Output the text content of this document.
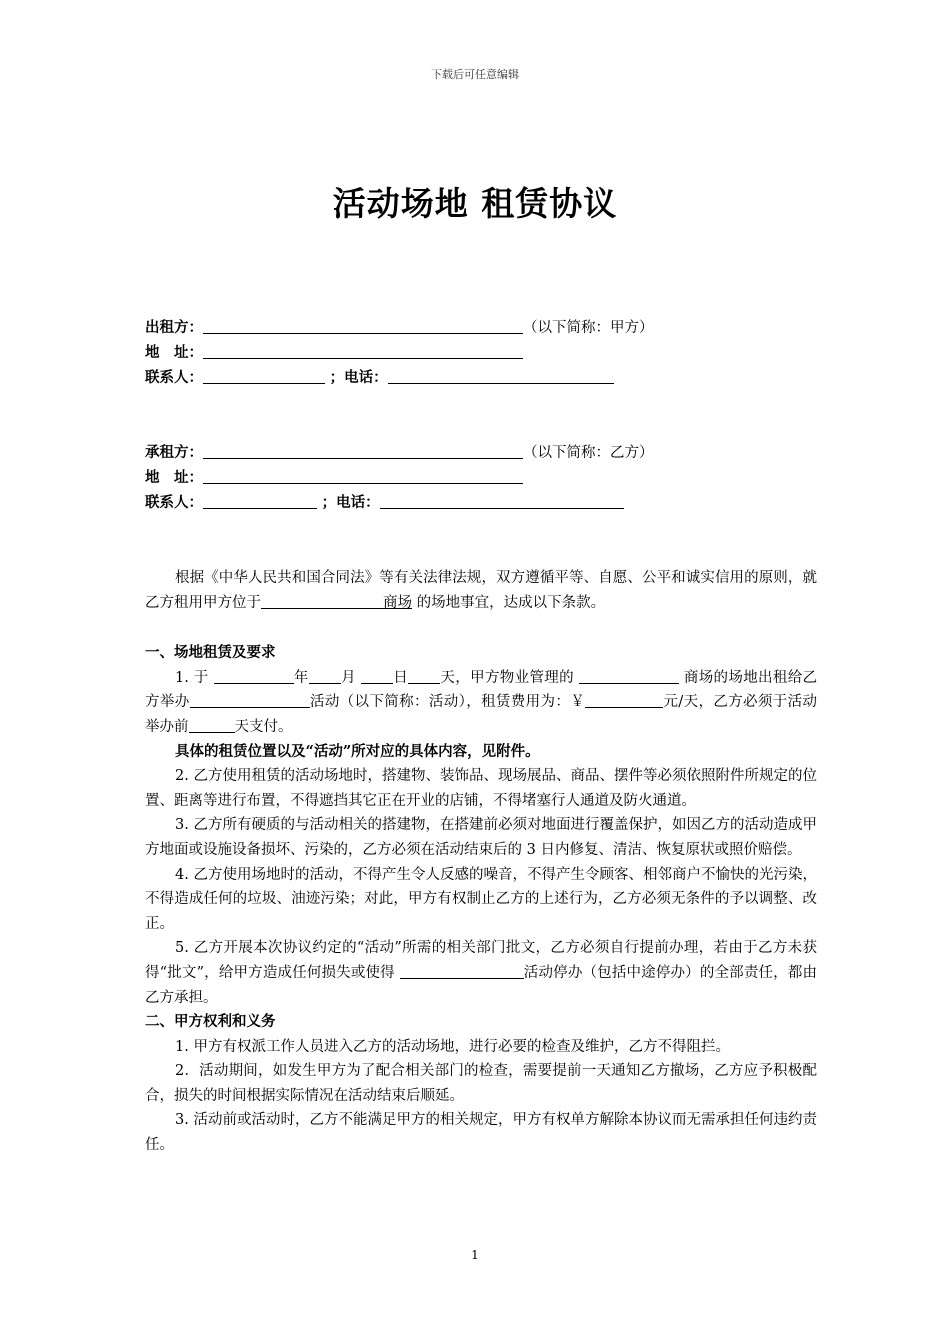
下载后可任意编辑
活动场地 租赁协议
出租方：	（以下简称：甲方）
地　址：
联系人：	；电话：
承租方：	（以下简称：乙方）
地　址：
联系人：	；电话：

根据《中华人民共和国合同法》等有关法律法规，双方遵循平等、自愿、公平和诚实信用的原则，就乙方租用甲方位于	商场 的场地事宜，达成以下条款。

一、场地租赁及要求

1. 于	年 月	日 天，甲方物业管理的	商场的场地出租给乙方举办	活动（以下简称：活动），租赁费用为：￥	元/天，乙方必须于活动举办前	天支付。

具体的租赁位置以及“活动”所对应的具体内容，见附件。

2. 乙方使用租赁的活动场地时，搭建物、装饰品、现场展品、商品、摆件等必须依照附件所规定的位置、距离等进行布置，不得遮挡其它正在开业的店铺，不得堵塞行人通道及防火通道。

3. 乙方所有硬质的与活动相关的搭建物，在搭建前必须对地面进行覆盖保护，如因乙方的活动造成甲方地面或设施设备损坏、污染的，乙方必须在活动结束后的 3 日内修复、清洁、恢复原状或照价赔偿。

4. 乙方使用场地时的活动，不得产生令人反感的噪音，不得产生令顾客、相邻商户不愉快的光污染，不得造成任何的垃圾、油迹污染；对此，甲方有权制止乙方的上述行为，乙方必须无条件的予以调整、改正。

5. 乙方开展本次协议约定的“活动”所需的相关部门批文，乙方必须自行提前办理，若由于乙方未获得“批文”，给甲方造成任何损失或使得	活动停办（包括中途停办）的全部责任，都由乙方承担。

二、甲方权利和义务

1. 甲方有权派工作人员进入乙方的活动场地，进行必要的检查及维护，乙方不得阻拦。

2．活动期间，如发生甲方为了配合相关部门的检查，需要提前一天通知乙方撤场，乙方应予积极配合，损失的时间根据实际情况在活动结束后顺延。

3. 活动前或活动时，乙方不能满足甲方的相关规定，甲方有权单方解除本协议而无需承担任何违约责任。

1
